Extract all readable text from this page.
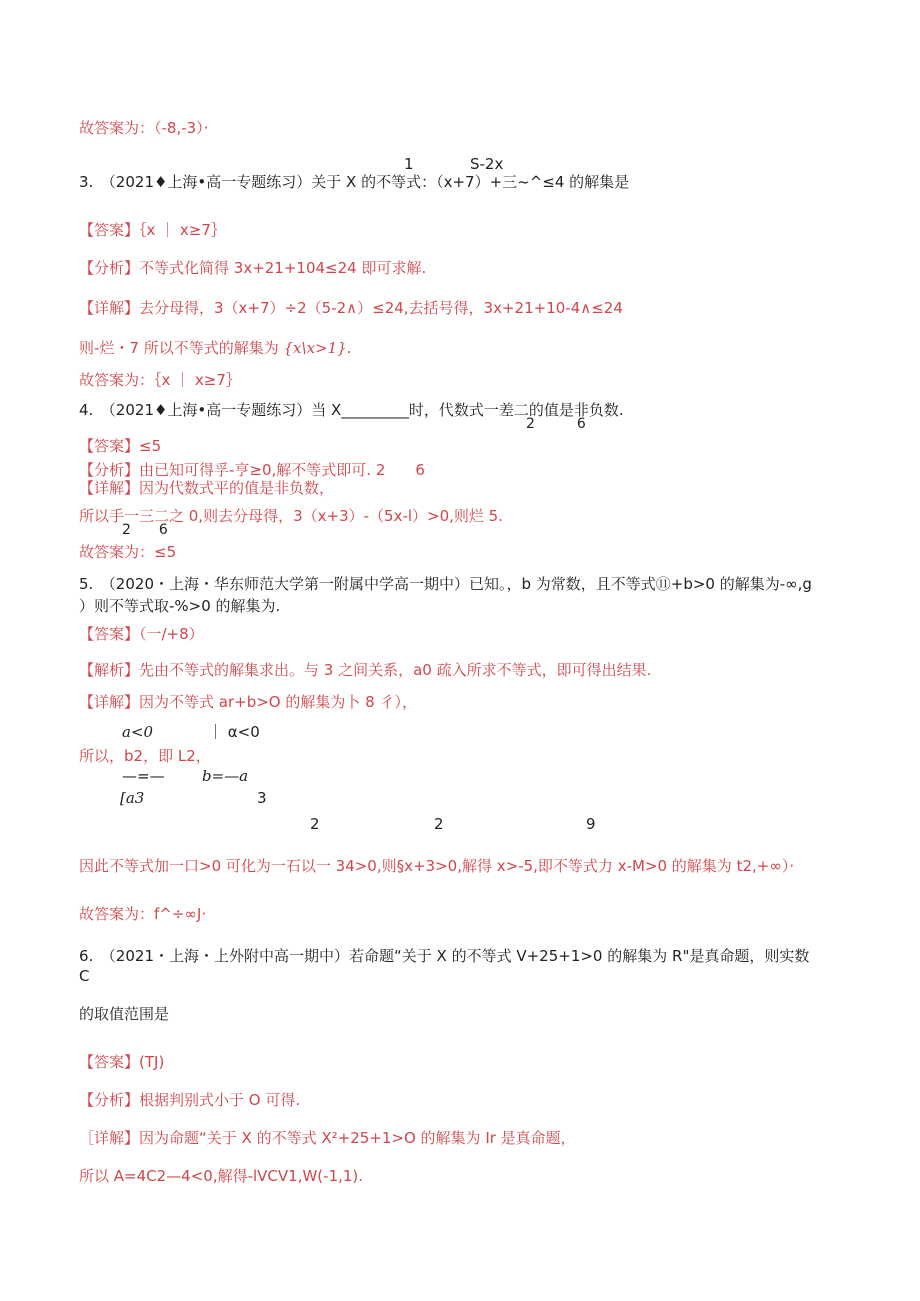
故答案为：（-8,-3）·
1	S-2x
3.　（2021♦上海•高一专题练习）关于 X 的不等式：（x+7）+三~^≤4 的解集是
【答案】｛x ｜ x≥7｝
【分析】不等式化简得 3x+21+104≤24 即可求解.
【详解】去分母得，3（x+7）÷2（5-2∧）≤24,去括号得，3x+21+10-4∧≤24
则-烂・7 所以不等式的解集为 {x\x>1}.
故答案为：｛x ｜ x≥7｝
4.　（2021♦上海•高一专题练习）当 X_________时，代数式一差二的值是非负数.
2　　　6
【答案】≤5
【分析】由已知可得孚-亨≥0,解不等式即可. 2　　6
【详解】因为代数式平的值是非负数，
所以手一三二之 0,则去分母得，3（x+3）-（5x-l）>0,则烂 5.
2　　6
故答案为：≤5
5.　（2020・上海・华东师范大学第一附属中学高一期中）已知。，b 为常数，且不等式⑪+b>0 的解集为-∞,g
）则不等式取-%>0 的解集为.
【答案】（一/+8）
【解析】先由不等式的解集求出。与 3 之间关系，a0 疏入所求不等式，即可得出结果.
【详解】因为不等式 ar+b>O 的解集为卜 8 彳），
a<0	｜ α<0
所以，b2，即 L2，
—=— b=—a
[a3	3
2	2	9
因此不等式加一口>0 可化为一石以一 34>0,则§x+3>0,解得 x>-5,即不等式力 x-M>0 的解集为 t2,+∞）·
故答案为：f^÷∞J·
6.　（2021・上海・上外附中高一期中）若命题“关于 X 的不等式 V+25+1>0 的解集为 R"是真命题，则实数
C
的取值范围是
【答案】(TJ)
【分析】根据判别式小于 O 可得.
［详解】因为命题“关于 X 的不等式 X²+25+1>O 的解集为 Ir 是真命题，
所以 A=4C2—4<0,解得-lVCV1,W(-1,1).
